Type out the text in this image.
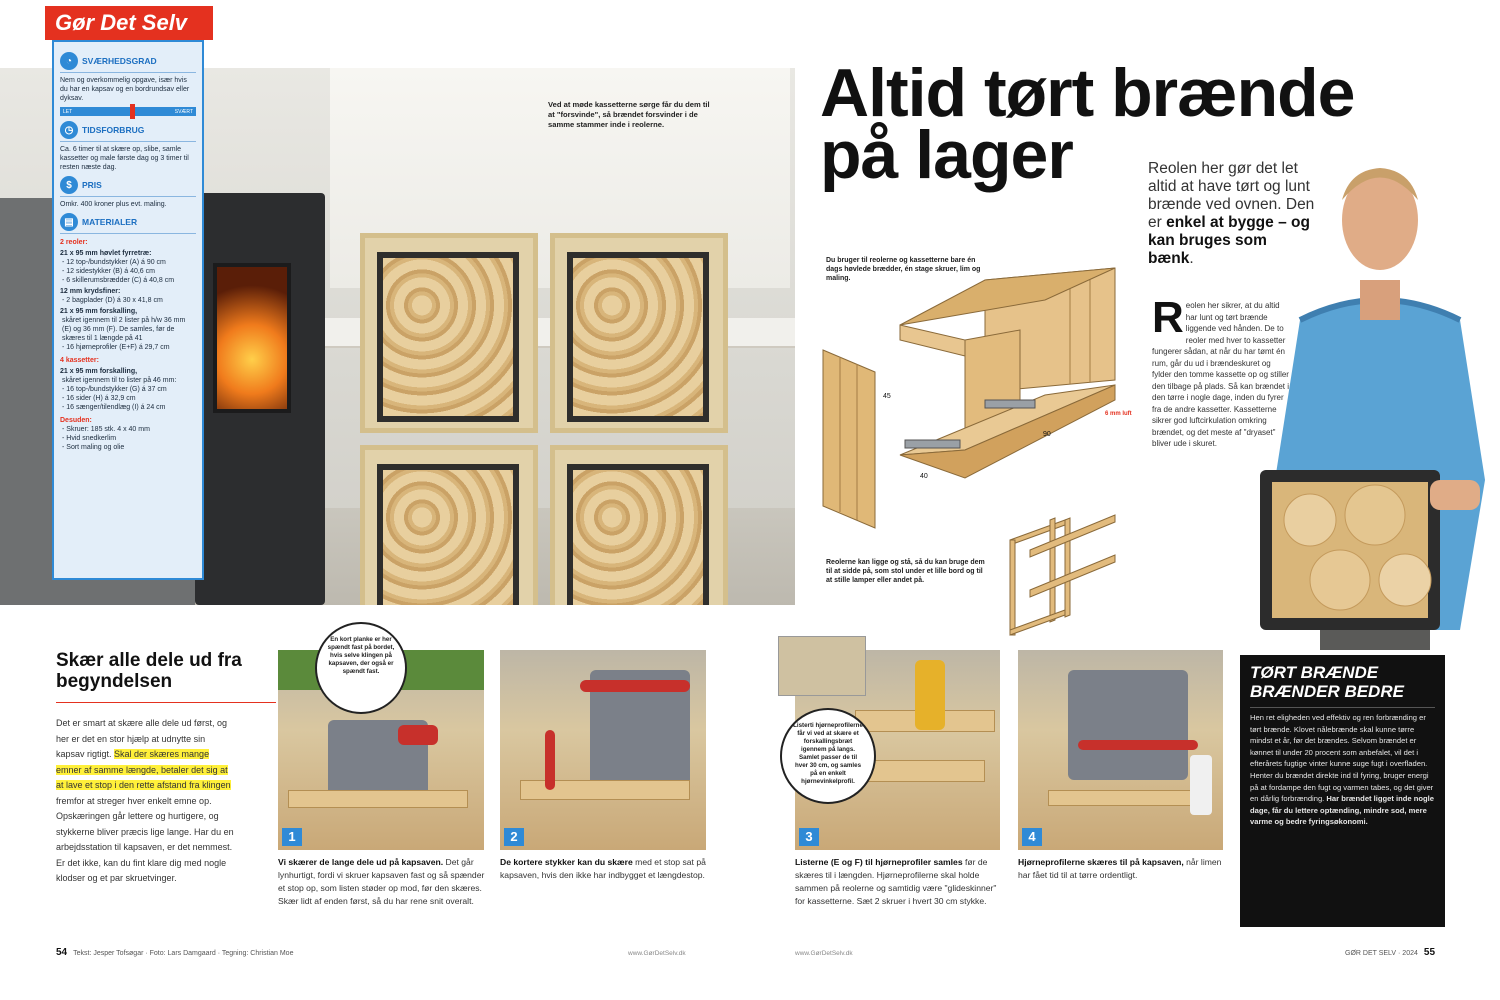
Gør Det Selv
Ved at møde kassetterne sørge får du dem til at "forsvinde", så brændet forsvinder i de samme stammer inde i reolerne.
◔	SVÆRHEDSGRAD
Nem og overkommelig opgave, især hvis du har en kapsav og en bordrundsav eller dyksav.
LET	SVÆRT
◷	TIDSFORBRUG
Ca. 6 timer til at skære op, slibe, samle kassetter og male første dag og 3 timer til resten næste dag.
$	PRIS
Omkr. 400 kroner plus evt. maling.
▤ MATERIALER
2 reoler:
21 x 95 mm høvlet fyrretræ:
- 12 top-/bundstykker (A) á 90 cm
- 12 sidestykker (B) á 40,6 cm
- 6 skillerumsbrædder (C) á 40,8 cm
12 mm krydsfiner:
- 2 bagplader (D) á 30 x 41,8 cm
21 x 95 mm forskalling,
skåret igennem til 2 lister på h/w 36 mm (E) og 36 mm (F). De samles, før de skæres til 1 længde på 41
- 16 hjørneprofiler (E+F) á 29,7 cm
4 kassetter:
21 x 95 mm forskalling,
skåret igennem til to lister på 46 mm:
- 16 top-/bundstykker (G) á 37 cm
- 16 sider (H) á 32,9 cm
- 16 sænger/tilendlæg (I) á 24 cm
Desuden:
- Skruer: 185 stk. 4 x 40 mm
- Hvid snedkerlim
- Sort maling og olie
Altid tørt brænde
på lager	Reolen her gør det let altid at have tørt og lunt brænde ved ovnen. Den er enkel at bygge – og kan bruges som bænk.
45
90
40
6 mm luft
Du bruger til reolerne og kassetterne bare én dags høvlede brædder, én stage skruer, lim og maling.
Reolerne kan ligge og stå, så du kan bruge dem til at sidde på, som stol under et lille bord og til at stille lamper eller andet på.
Reolen her sikrer, at du altid har lunt og tørt brænde liggende ved hånden. De to reoler med hver to kassetter fungerer sådan, at når du har tømt én rum, går du ud i brændeskuret og fylder den tomme kassette op og stiller den tilbage på plads. Så kan brændet i den tørre i nogle dage, inden du fyrer fra de andre kassetter. Kassetterne sikrer god luftcirkulation omkring brændet, og det meste af "dryaset" bliver ude i skuret.
Skær alle dele ud fra begyndelsen
Det er smart at skære alle dele ud først, og her er det en stor hjælp at udnytte sin kapsav rigtigt. Skal der skæres mange emner af samme længde, betaler det sig at at lave et stop i den rette afstand fra klingen fremfor at streger hver enkelt emne op. Opskæringen går lettere og hurtigere, og stykkerne bliver præcis lige lange. Har du en arbejdsstation til kapsaven, er det nemmest. Er det ikke, kan du fint klare dig med nogle klodser og et par skruetvinger.
1
En kort planke er her spændt fast på bordet, hvis selve klingen på kapsaven, der også er spændt fast.
2	3
Listerti hjørneprofilerne får vi ved at skære et forskallingsbræt igennem på langs. Samlet passer de til hver 30 cm, og samles på en enkelt hjørnevinkelprofil.
4
Vi skærer de lange dele ud på kapsaven. Det går lynhurtigt, fordi vi skruer kapsaven fast og så spænder et stop op, som listen støder op mod, før den skæres. Skær lidt af enden først, så du har rene snit overalt.
De kortere stykker kan du skære med et stop sat på kapsaven, hvis den ikke har indbygget et længdestop.
Listerne (E og F) til hjørneprofiler samles før de skæres til i længden. Hjørneprofilerne skal holde sammen på reolerne og samtidig være "glideskinner" for kassetterne. Sæt 2 skruer i hvert 30 cm stykke.
Hjørneprofilerne skæres til på kapsaven, når limen har fået tid til at tørre ordentligt.
TØRT BRÆNDE BRÆNDER BEDRE

Hen ret eligheden ved effektiv og ren forbrænding er tørt brænde. Klovet nålebrænde skal kunne tørre mindst et år, før det brændes. Selvom brændet er kønnet til under 20 procent som anbefalet, vil det i efterårets fugtige vinter kunne suge fugt i overfladen. Henter du brændet direkte ind til fyring, bruger energi på at fordampe den fugt og varmen tabes, og det giver en dårlig forbrænding. Har brændet ligget inde nogle dage, får du lettere optænding, mindre sod, mere varme og bedre fyringsøkonomi.

54 Tekst: Jesper Tofsøgar · Foto: Lars Damgaard · Tegning: Christian Moe	www.GørDetSelv.dk	www.GørDetSelv.dk	GØR DET SELV · 2024 55
